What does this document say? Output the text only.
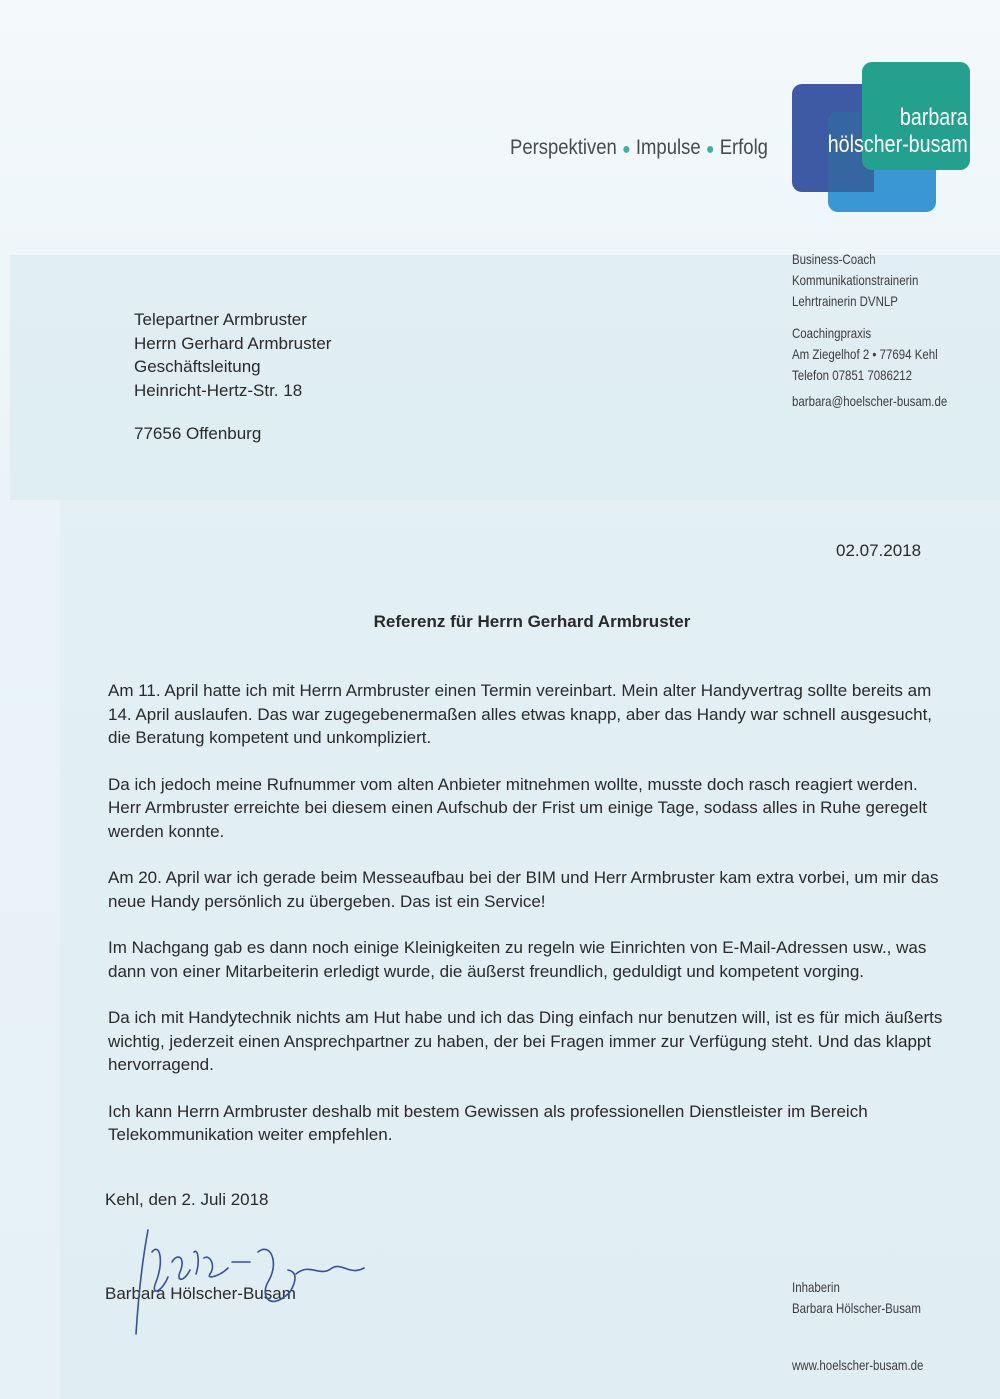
Perspektiven ● Impulse ● Erfolg
barbara
hölscher-busam
Business-Coach
Kommunikationstrainerin
Lehrtrainerin DVNLP
Coachingpraxis
Am Ziegelhof 2 • 77694 Kehl
Telefon 07851 7086212
barbara@hoelscher-busam.de
Telepartner Armbruster
Herrn Gerhard Armbruster
Geschäftsleitung
Heinricht-Hertz-Str. 18
77656 Offenburg
02.07.2018
Referenz für Herrn Gerhard Armbruster

Am 11. April hatte ich mit Herrn Armbruster einen Termin vereinbart. Mein alter Handyvertrag sollte bereits am 14. April auslaufen. Das war zugegebenermaßen alles etwas knapp, aber das Handy war schnell ausgesucht, die Beratung kompetent und unkompliziert.

Da ich jedoch meine Rufnummer vom alten Anbieter mitnehmen wollte, musste doch rasch reagiert werden. Herr Armbruster erreichte bei diesem einen Aufschub der Frist um einige Tage, sodass alles in Ruhe geregelt werden konnte.

Am 20. April war ich gerade beim Messeaufbau bei der BIM und Herr Armbruster kam extra vorbei, um mir das neue Handy persönlich zu übergeben. Das ist ein Service!

Im Nachgang gab es dann noch einige Kleinigkeiten zu regeln wie Einrichten von E-Mail-Adressen usw., was dann von einer Mitarbeiterin erledigt wurde, die äußerst freundlich, geduldigt und kompetent vorging.

Da ich mit Handytechnik nichts am Hut habe und ich das Ding einfach nur benutzen will, ist es für mich äußerts wichtig, jederzeit einen Ansprechpartner zu haben, der bei Fragen immer zur Verfügung steht. Und das klappt hervorragend.

Ich kann Herrn Armbruster deshalb mit bestem Gewissen als professionellen Dienstleister im Bereich Telekommunikation weiter empfehlen.

Kehl, den 2. Juli 2018
Barbara Hölscher-Busam	Inhaberin
Barbara Hölscher-Busam
www.hoelscher-busam.de
